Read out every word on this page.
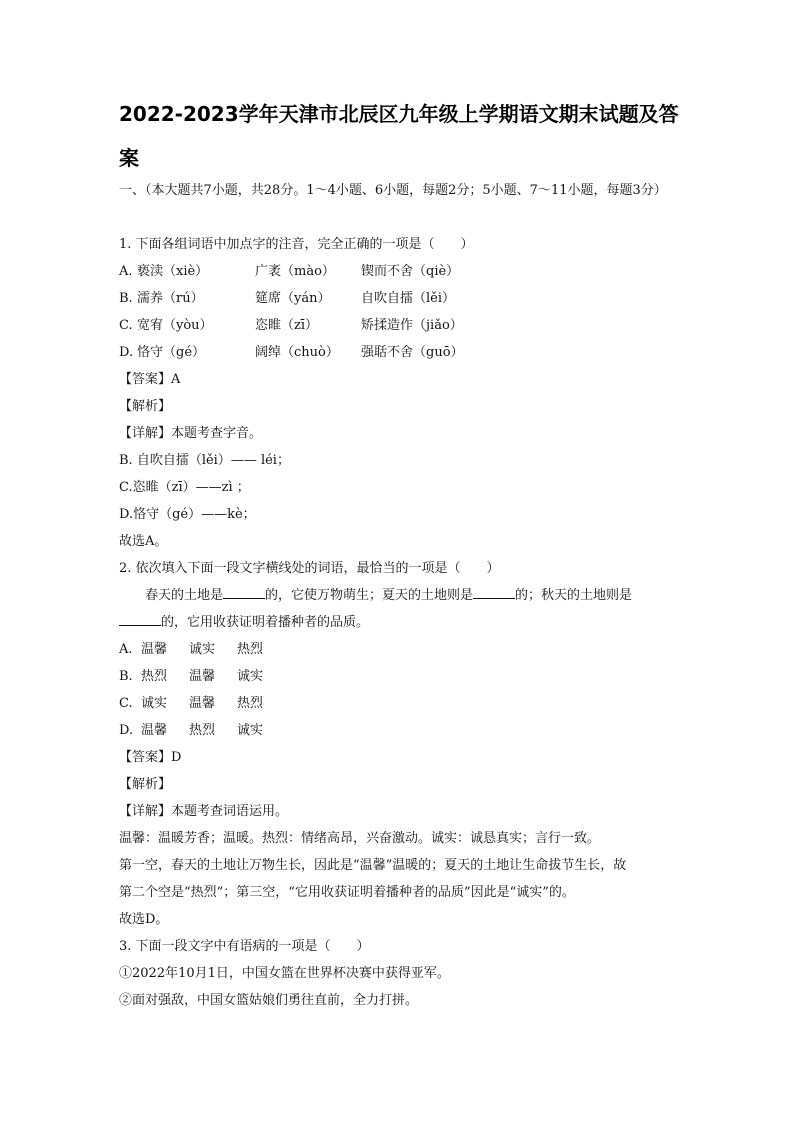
2022-2023学年天津市北辰区九年级上学期语文期末试题及答案
一、（本大题共7小题，共28分。1～4小题、6小题，每题2分；5小题、7～11小题，每题3分）
1. 下面各组词语中加点字的注音，完全正确的一项是（　　）
A. 亵渎（xiè）	广袤（mào）	锲而不舍（qiè）
B. 濡养（rú）	筵席（yán）	自吹自擂（lěi）
C. 宽宥（yòu）	恣睢（zī）	矫揉造作（jiǎo）
D. 恪守（gé）	阔绰（chuò）	强聒不舍（guō）
【答案】A
【解析】
【详解】本题考查字音。
B. 自吹自擂（lěi）—— léi；
C.恣睢（zī）——zì ；
D.恪守（gé）——kè；
故选A。
2. 依次填入下面一段文字横线处的词语，最恰当的一项是（　　）
春天的土地是	的，它使万物萌生；夏天的土地则是	的；秋天的土地则是
的，它用收获证明着播种者的品质。
A. 温馨	诚实	热烈
B. 热烈	温馨	诚实
C. 诚实	温馨	热烈
D. 温馨	热烈	诚实
【答案】D
【解析】
【详解】本题考查词语运用。
温馨：温暖芳香；温暖。热烈：情绪高昂，兴奋激动。诚实：诚恳真实；言行一致。
第一空，春天的土地让万物生长，因此是“温馨”温暖的；夏天的土地让生命拔节生长，故
第二个空是“热烈”；第三空，“它用收获证明着播种者的品质”因此是“诚实”的。
故选D。
3. 下面一段文字中有语病的一项是（　　）
①2022年10月1日，中国女篮在世界杯决赛中获得亚军。
②面对强敌，中国女篮姑娘们勇往直前，全力打拼。
